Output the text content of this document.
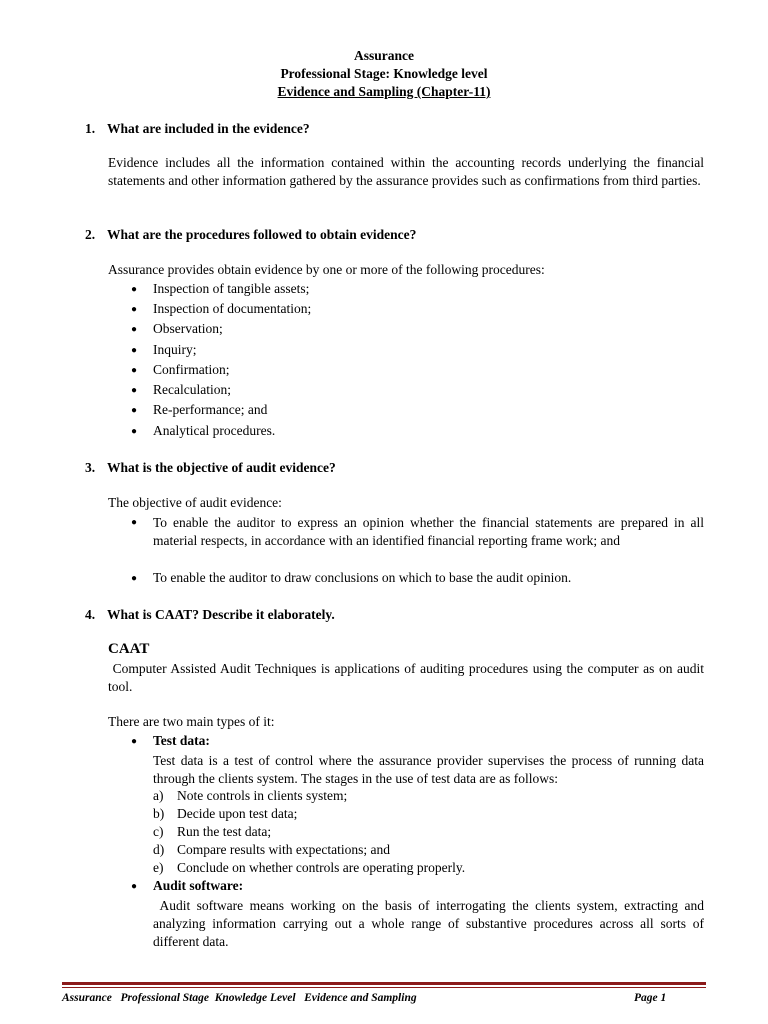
Assurance
Professional Stage: Knowledge level
Evidence and Sampling (Chapter-11)
1. What are included in the evidence?
Evidence includes all the information contained within the accounting records underlying the financial statements and other information gathered by the assurance provides such as confirmations from third parties.
2. What are the procedures followed to obtain evidence?
Assurance provides obtain evidence by one or more of the following procedures:
● Inspection of tangible assets;
● Inspection of documentation;
● Observation;
● Inquiry;
● Confirmation;
● Recalculation;
● Re-performance; and
● Analytical procedures.
3. What is the objective of audit evidence?
The objective of audit evidence:
● To enable the auditor to express an opinion whether the financial statements are prepared in all material respects, in accordance with an identified financial reporting frame work; and
● To enable the auditor to draw conclusions on which to base the audit opinion.
4. What is CAAT? Describe it elaborately.
CAAT
Computer Assisted Audit Techniques is applications of auditing procedures using the computer as on audit tool.
There are two main types of it:
● Test data:
Test data is a test of control where the assurance provider supervises the process of running data through the clients system. The stages in the use of test data are as follows:
a) Note controls in clients system;
b) Decide upon test data;
c) Run the test data;
d) Compare results with expectations; and
e) Conclude on whether controls are operating properly.
● Audit software:
Audit software means working on the basis of interrogating the clients system, extracting and analyzing information carrying out a whole range of substantive procedures across all sorts of different data.
Assurance   Professional Stage  Knowledge Level   Evidence and Sampling	Page 1
